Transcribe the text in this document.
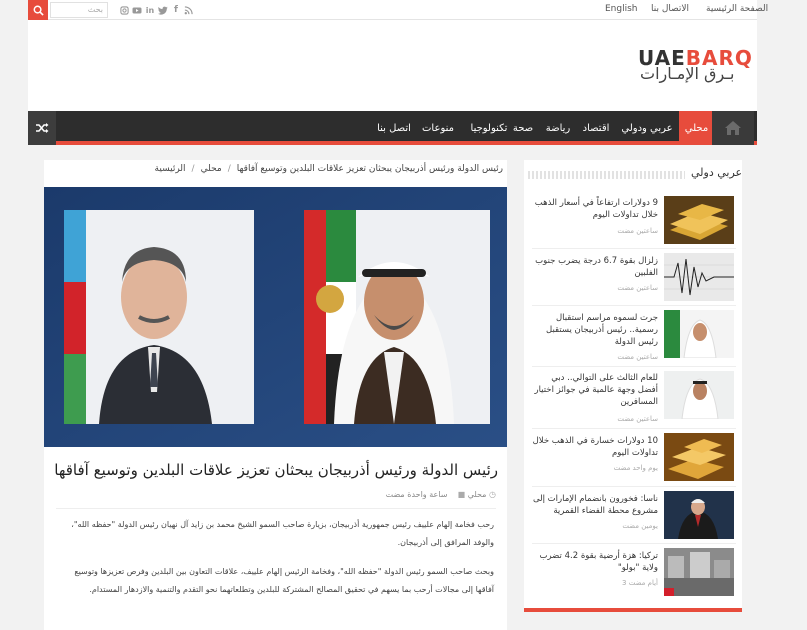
بحث	in	f	English الاتصال بنا الصفحة الرئيسية
UAEBARQ
بـرق الإمـارات
اتصل بنا منوعات	تكنولوجيا صحة رياضة اقتصاد عربي ودولي	محلي
رئيس الدولة ورئيس أذربيجان يبحثان تعزيز علاقات البلدين وتوسيع آفاقها/محلي/الرئيسية
رئيس الدولة ورئيس أذربيجان يبحثان تعزيز علاقات البلدين وتوسيع آفاقها
محلي ■    ساعة واحدة مضت	◷
رحب فخامة إلهام علييف رئيس جمهورية أذربيجان، بزيارة صاحب السمو الشيخ محمد بن زايد آل نهيان رئيس الدولة "حفظه الله"، والوفد المرافق إلى أذربيجان.
وبحث صاحب السمو رئيس الدولة "حفظه الله"، وفخامة الرئيس إلهام علييف، علاقات التعاون بين البلدين وفرص تعزيزها وتوسيع آفاقها إلى مجالات أرحب بما يسهم في تحقيق المصالح المشتركة للبلدين وتطلعاتهما نحو التقدم والتنمية والازدهار المستدام.
عربي دولي
9 دولارات ارتفاعاً في أسعار الذهب خلال تداولات اليوم
ساعتين مضت
زلزال بقوة 6.7 درجة يضرب جنوب الفلبين
ساعتين مضت
جرت لسموه مراسم استقبال رسمية.. رئيس أذربيجان يستقبل رئيس الدولة
ساعتين مضت
للعام الثالث على التوالي.. دبي أفضل وجهة عالمية في جوائز اختيار المسافرين
ساعتين مضت
10 دولارات خسارة في الذهب خلال تداولات اليوم
يوم واحد مضت
ناسا: فخورون بانضمام الإمارات إلى مشروع محطة الفضاء القمرية
يومين مضت
تركيا: هزة أرضية بقوة 4.2 تضرب ولاية "بولو"
3 أيام مضت
